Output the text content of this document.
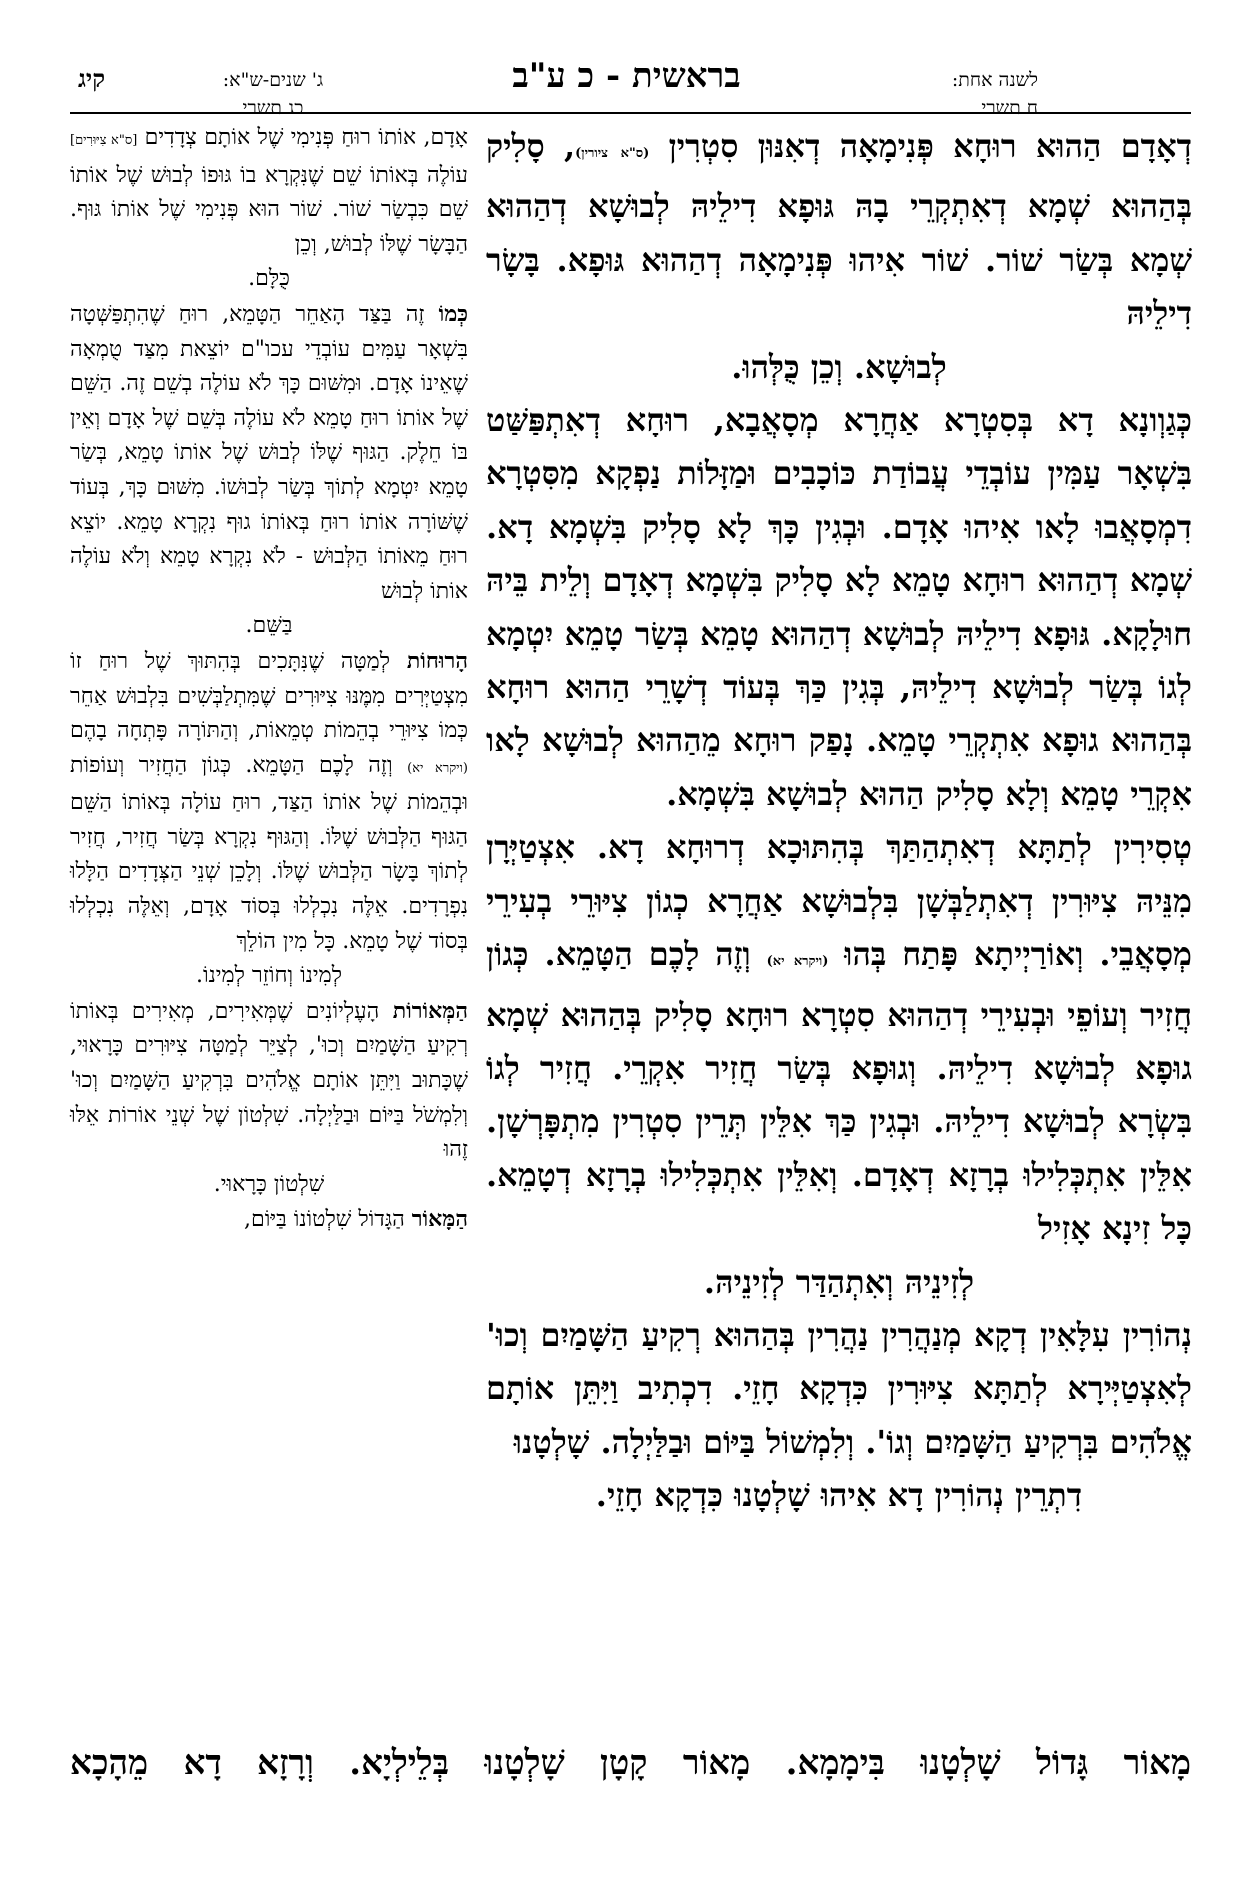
לשנה אחת:
ח תשרי
בראשית - כ ע"ב
ג' שנים-ש"א:
כג תשרי
קיג

דְאָדָם הַהוּא רוּחָא פְּנִימָאָה דְאִנּוּן סִטְרִין (ס"א ציורין), סָלִיק בְּהַהוּא שְׁמָא דְאִתְקְרֵי בָהּ גּוּפָא דִילֵיהּ לְבוּשָׁא דְהַהוּא שְׁמָא בְּשַׂר שׁוֹר. שׁוֹר אִיהוּ פְּנִימָאָה דְהַהוּא גּוּפָא. בָּשָׂר דִילֵיהּ

לְבוּשָׁא. וְכֵן כֻּלְּהוּ.

כְּגַוְונָא דָא בְּסִטְרָא אַחֲרָא מְסָאֲבָא, רוּחָא דְאִתְפַּשַּׁט בִּשְׁאָר עַמִּין עוֹבְדֵי עֲבוֹדַת כּוֹכָבִים וּמַזָּלוֹת נַפְקָא מִסִּטְרָא דִמְסָאֲבוּ לָאו אִיהוּ אָדָם. וּבְגִין כָּךְ לָא סָלִיק בִּשְׁמָא דָא. שְׁמָא דְהַהוּא רוּחָא טָמֵא לָא סָלִיק בִּשְׁמָא דְאָדָם וְלֵית בֵּיהּ חוּלָקָא. גּוּפָא דִילֵיהּ לְבוּשָׁא דְהַהוּא טָמֵא בְּשַׂר טָמֵא יִטְמָא לְגוֹ בְּשַׂר לְבוּשָׁא דִילֵיהּ, בְּגִין כַּךְ בְּעוֹד דְשָׁרֵי הַהוּא רוּחָא בְּהַהוּא גוּפָא אִתְקְרֵי טָמֵא. נָפַק רוּחָא מֵהַהוּא לְבוּשָׁא לָאו אִקְרֵי טָמֵא וְלָא סָלִיק הַהוּא לְבוּשָׁא בִּשְׁמָא.

טְסִירִין לְתַתָּא דְאִתְהַתַּךְ בְּהִתּוּכָא דְרוּחָא דָא. אִצְטַיְּרָן מִנֵּיהּ צִיּוּרִין דְאִתְלַבְּשָׁן בִּלְבוּשָׁא אַחֲרָא כְגוֹן צִיּוּרֵי בְעִירֵי מְסָאֲבֵי. וְאוֹרַיְיתָא פָּתַח בְּהוּ (ויקרא יא) וְזֶה לָכֶם הַטָּמֵא. כְּגוֹן חֲזִיר וְעוֹפֵי וּבְעִירֵי דְהַהוּא סִטְרָא רוּחָא סָלִיק בְּהַהוּא שְׁמָא גוּפָא לְבוּשָׁא דִילֵיהּ. וְגוּפָא בְּשַׂר חֲזִיר אִקְרֵי. חֲזִיר לְגוֹ בִּשְׂרָא לְבוּשָׁא דִילֵיהּ. וּבְגִין כַּךְ אִלֵּין תְּרֵין סִטְרִין מִתְפָּרְשָׁן. אִלֵּין אִתְכְּלִילוּ בְרָזָא דְאָדָם. וְאִלֵּין אִתְכְּלִילוּ בְרָזָא דְטָמֵא. כָּל זִינָא אָזִיל

לְזִינֵיהּ וְאִתְהַדַּר לְזִינֵיהּ.

נְהוֹרִין עִלָּאִין דְקָא מְנַהֲרִין נַהֲרִין בְּהַהוּא רְקִיעַ הַשָּׁמַיִם וְכוּ' לְאִצְטַיְּירָא לְתַתָּא צִיּוּרִין כִּדְקָא חָזֵי. דִכְתִיב וַיִּתֵּן אוֹתָם אֱלֹהִים בִּרְקִיעַ הַשָּׁמַיִם וְגוֹ'. וְלִמְשׁוֹל בַּיּוֹם וּבַלַּיְלָה. שָׁלְטָנוּ

דִתְרֵין נְהוֹרִין דָא אִיהוּ שָׁלְטָנוּ כִּדְקָא חָזֵי.

אָדָם, אוֹתוֹ רוּחַ פְּנִימִי שֶׁל אוֹתָם צְדָדִים [ס"א צִיּוּרִים] עוֹלֶה בְּאוֹתוֹ שֵׁם שֶׁנִּקְרָא בוֹ גּוּפוֹ לְבוּשׁ שֶׁל אוֹתוֹ שֵׁם כִּבְשַׂר שׁוֹר. שׁוֹר הוּא פְּנִימִי שֶׁל אוֹתוֹ גּוּף. הַבָּשָׂר שֶׁלּוֹ לְבוּשׁ, וְכֵן

כֻּלָּם.

כְּמוֹ זֶה בַּצַּד הָאַחֵר הַטָּמֵא, רוּחַ שֶׁהִתְפַּשְּׁטָה בִּשְׁאָר עַמִּים עוֹבְדֵי עכו"ם יוֹצֵאת מִצַּד טֻמְאָה שֶׁאֵינוֹ אָדָם. וּמִשּׁוּם כָּךְ לֹא עוֹלֶה בְשֵׁם זֶה. הַשֵּׁם שֶׁל אוֹתוֹ רוּחַ טָמֵא לֹא עוֹלֶה בְּשֵׁם שֶׁל אָדָם וְאֵין בּוֹ חֵלֶק. הַגּוּף שֶׁלּוֹ לְבוּשׁ שֶׁל אוֹתוֹ טָמֵא, בְּשַׂר טָמֵא יִטְמָא לְתוֹךְ בְּשַׂר לְבוּשׁוֹ. מִשּׁוּם כָּךְ, בְּעוֹד שֶׁשּׁוֹרָה אוֹתוֹ רוּחַ בְּאוֹתוֹ גוּף נִקְרָא טָמֵא. יוֹצֵא רוּחַ מֵאוֹתוֹ הַלְּבוּשׁ - לֹא נִקְרָא טָמֵא וְלֹא עוֹלֶה אוֹתוֹ לְבוּשׁ

בַּשֵּׁם.

הָרוּחוֹת לְמַטָּה שֶׁנִּתָּכִים בְּהִתּוּךְ שֶׁל רוּחַ זוֹ מִצְטַיְּרִים מִמֶּנּוּ צִיּוּרִים שֶׁמִּתְלַבְּשִׁים בִּלְבוּשׁ אַחֵר כְּמוֹ צִיּוּרֵי בְהֵמוֹת טְמֵאוֹת, וְהַתּוֹרָה פָּתְחָה בָהֶם (ויקרא יא) וְזֶה לָכֶם הַטָּמֵא. כְּגוֹן הַחֲזִיר וְעוֹפוֹת וּבְהֵמוֹת שֶׁל אוֹתוֹ הַצַּד, רוּחַ עוֹלָה בְּאוֹתוֹ הַשֵּׁם הַגּוּף הַלְּבוּשׁ שֶׁלּוֹ. וְהַגּוּף נִקְרָא בְּשַׂר חֲזִיר, חֲזִיר לְתוֹךְ בָּשָׂר הַלְּבוּשׁ שֶׁלּוֹ. וְלָכֵן שְׁנֵי הַצְּדָדִים הַלָּלוּ נִפְרָדִים. אֵלֶּה נִכְלְלוּ בְּסוֹד אָדָם, וְאֵלֶּה נִכְלְלוּ בְּסוֹד שֶׁל טָמֵא. כָּל מִין הוֹלֵךְ

לְמִינוֹ וְחוֹזֵר לְמִינוֹ.

הַמְּאוֹרוֹת הָעֶלְיוֹנִים שֶׁמְּאִירִים, מְאִירִים בְּאוֹתוֹ רְקִיעַ הַשָּׁמַיִם וְכוּ', לְצַיֵּר לְמַטָּה צִיּוּרִים כָּרָאוּי, שֶׁכָּתוּב וַיִּתֵּן אוֹתָם אֱלֹהִים בִּרְקִיעַ הַשָּׁמַיִם וְכוּ' וְלִמְשֹׁל בַּיּוֹם וּבַלַּיְלָה. שִׁלְטוֹן שֶׁל שְׁנֵי אוֹרוֹת אֵלּוּ זֶהוּ

שִׁלְטוֹן כָּרָאוּי.

הַמָּאוֹר הַגָּדוֹל שִׁלְטוֹנוֹ בַּיּוֹם,

מָאוֹר גָּדוֹל שָׁלְטָנוּ בִּימָמָא. מָאוֹר קָטָן שָׁלְטָנוּ בְּלֵילְיָא. וְרָזָא דָא מֵהָכָא
